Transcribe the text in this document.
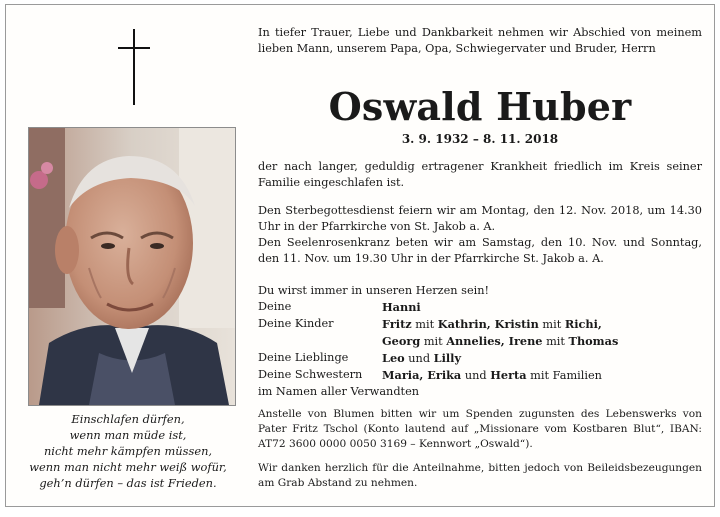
Einschlafen dürfen,
wenn man müde ist,
nicht mehr kämpfen müssen,
wenn man nicht mehr weiß wofür,
geh’n dürfen – das ist Frieden.

In tiefer Trauer, Liebe und Dankbarkeit nehmen wir Abschied von meinem lieben Mann, unserem Papa, Opa, Schwiegervater und Bruder, Herrn

Oswald Huber
3. 9. 1932 – 8. 11. 2018

der nach langer, geduldig ertragener Krankheit friedlich im Kreis seiner Familie eingeschlafen ist.

Den Sterbegottesdienst feiern wir am Montag, den 12. Nov. 2018, um 14.30 Uhr in der Pfarrkirche von St. Jakob a. A.

Den Seelenrosenkranz beten wir am Samstag, den 10. Nov. und Sonntag, den 11. Nov. um 19.30 Uhr in der Pfarrkirche St. Jakob a. A.

Du wirst immer in unseren Herzen sein!

Deine	Hanni
Deine Kinder	Fritz mit Kathrin, Kristin mit Richi,
Georg mit Annelies, Irene mit Thomas
Deine Lieblinge	Leo und Lilly
Deine Schwestern	Maria, Erika und Herta mit Familien
im Namen aller Verwandten

Anstelle von Blumen bitten wir um Spenden zugunsten des Lebenswerks von Pater Fritz Tschol (Konto lautend auf „Missionare vom Kostbaren Blut“, IBAN: AT72 3600 0000 0050 3169 – Kennwort „Oswald“).

Wir danken herzlich für die Anteilnahme, bitten jedoch von Beileidsbezeugungen am Grab Abstand zu nehmen.
